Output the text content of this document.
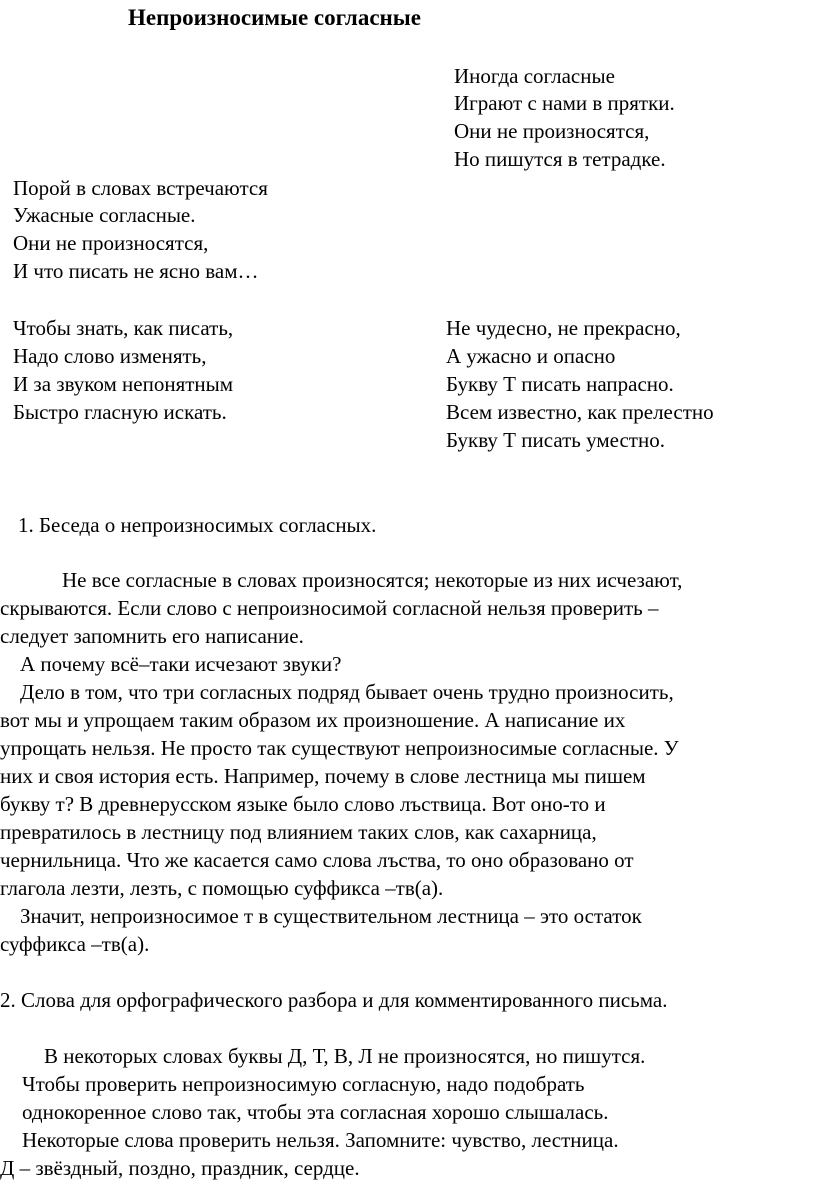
Непроизносимые согласные
Иногда согласные
Играют с нами в прятки.
Они не произносятся,
Но пишутся в тетрадке.
Порой в словах встречаются
Ужасные согласные.
Они не произносятся,
И что писать не ясно вам…
Чтобы знать, как писать,
Надо слово изменять,
И за звуком непонятным
Быстро гласную искать.
Не чудесно, не прекрасно,
А ужасно и опасно
Букву Т писать напрасно.
Всем известно, как прелестно
Букву Т писать уместно.
1. Беседа о непроизносимых согласных.
Не все согласные в словах произносятся; некоторые из них исчезают,
скрываются. Если слово с непроизносимой согласной нельзя проверить –
следует запомнить его написание.
А почему всё–таки исчезают звуки?
Дело в том, что три согласных подряд бывает очень трудно произносить,
вот мы и упрощаем таким образом их произношение. А написание их
упрощать нельзя. Не просто так существуют непроизносимые согласные. У
них и своя история есть. Например, почему в слове лестница мы пишем
букву т? В древнерусском языке было слово лъствица. Вот оно-то и
превратилось в лестницу под влиянием таких слов, как сахарница,
чернильница. Что же касается само слова лъства, то оно образовано от
глагола лезти, лезть, с помощью суффикса –тв(а).
Значит, непроизносимое т в существительном лестница – это остаток
суффикса –тв(а).
2. Слова для орфографического разбора и для комментированного письма.
В некоторых словах буквы Д, Т, В, Л не произносятся, но пишутся.
Чтобы проверить непроизносимую согласную, надо подобрать
однокоренное слово так, чтобы эта согласная хорошо слышалась.
Некоторые слова проверить нельзя. Запомните: чувство, лестница.
Д – звёздный, поздно, праздник, сердце.
